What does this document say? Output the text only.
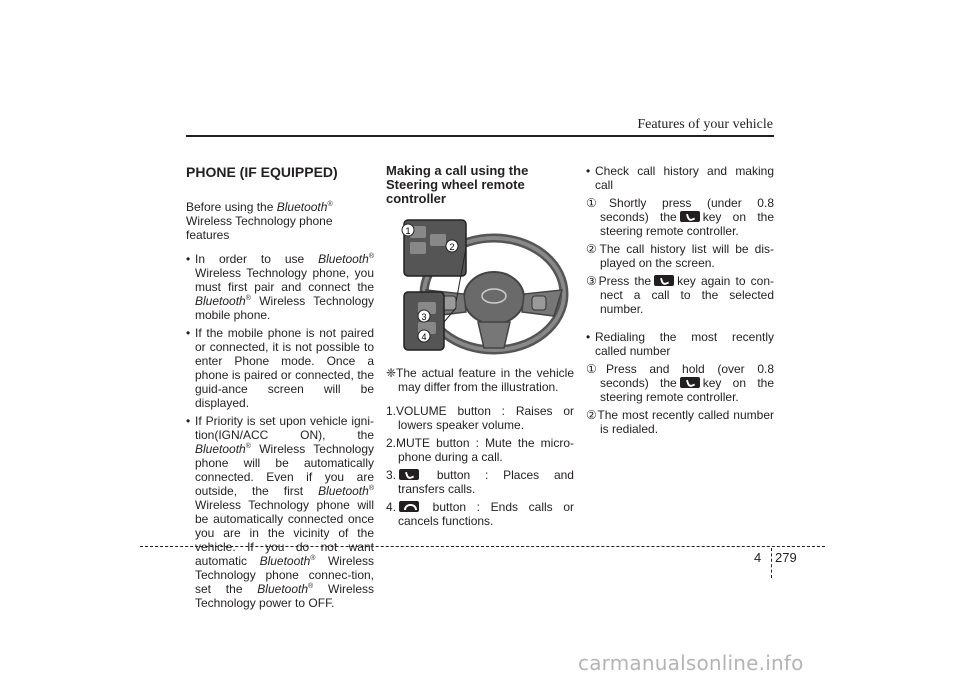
Features of your vehicle
PHONE (IF EQUIPPED)

Before using the Bluetooth®
Wireless Technology phone features

• In order to use Bluetooth® Wireless Technology phone, you must first pair and connect the Bluetooth® Wireless Technology mobile phone.
• If the mobile phone is not paired or connected, it is not possible to enter Phone mode. Once a phone is paired or connected, the guid-ance screen will be displayed.
• If Priority is set upon vehicle igni-tion(IGN/ACC ON), the Bluetooth® Wireless Technology phone will be automatically connected. Even if you are outside, the first Bluetooth® Wireless Technology phone will be automatically connected once you are in the vicinity of the vehicle. If you do not want automatic Bluetooth® Wireless Technology phone connec-tion, set the Bluetooth® Wireless Technology power to OFF.
Making a call using the Steering wheel remote controller
1
2
3
4

❈The actual feature in the vehicle may differ from the illustration.

1.VOLUME button : Raises or lowers speaker volume.

2.MUTE button : Mute the micro-phone during a call.

3.	button : Places and transfers calls.

4.	button : Ends calls or cancels functions.

• Check call history and making call

①Shortly press (under 0.8 seconds) the key on the steering remote controller.

②The call history list will be dis-played on the screen.

③Press the key again to con-nect a call to the selected number.

• Redialing the most recently called number

①Press and hold (over 0.8 seconds) the key on the steering remote controller.

②The most recently called number is redialed.

4 279
carmanualsonline.info
